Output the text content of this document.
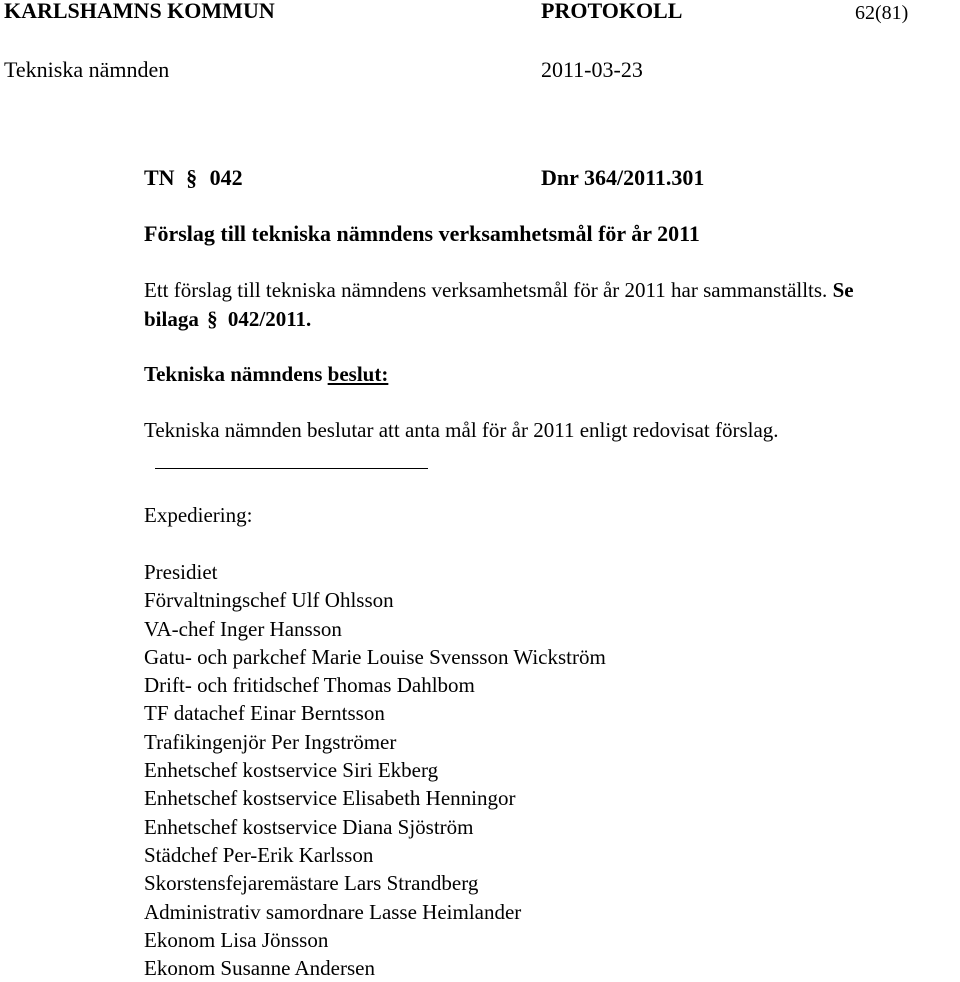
KARLSHAMNS KOMMUN	PROTOKOLL	62(81)
Tekniska nämnden	2011-03-23
TN § 042	Dnr 364/2011.301
Förslag till tekniska nämndens verksamhetsmål för år 2011
Ett förslag till tekniska nämndens verksamhetsmål för år 2011 har sammanställts. Se
bilaga § 042/2011.
Tekniska nämndens beslut:
Tekniska nämnden beslutar att anta mål för år 2011 enligt redovisat förslag.
Expediering:
Presidiet
Förvaltningschef Ulf Ohlsson
VA-chef Inger Hansson
Gatu- och parkchef Marie Louise Svensson Wickström
Drift- och fritidschef Thomas Dahlbom
TF datachef Einar Berntsson
Trafikingenjör Per Ingströmer
Enhetschef kostservice Siri Ekberg
Enhetschef kostservice Elisabeth Henningor
Enhetschef kostservice Diana Sjöström
Städchef Per-Erik Karlsson
Skorstensfejaremästare Lars Strandberg
Administrativ samordnare Lasse Heimlander
Ekonom Lisa Jönsson
Ekonom Susanne Andersen
